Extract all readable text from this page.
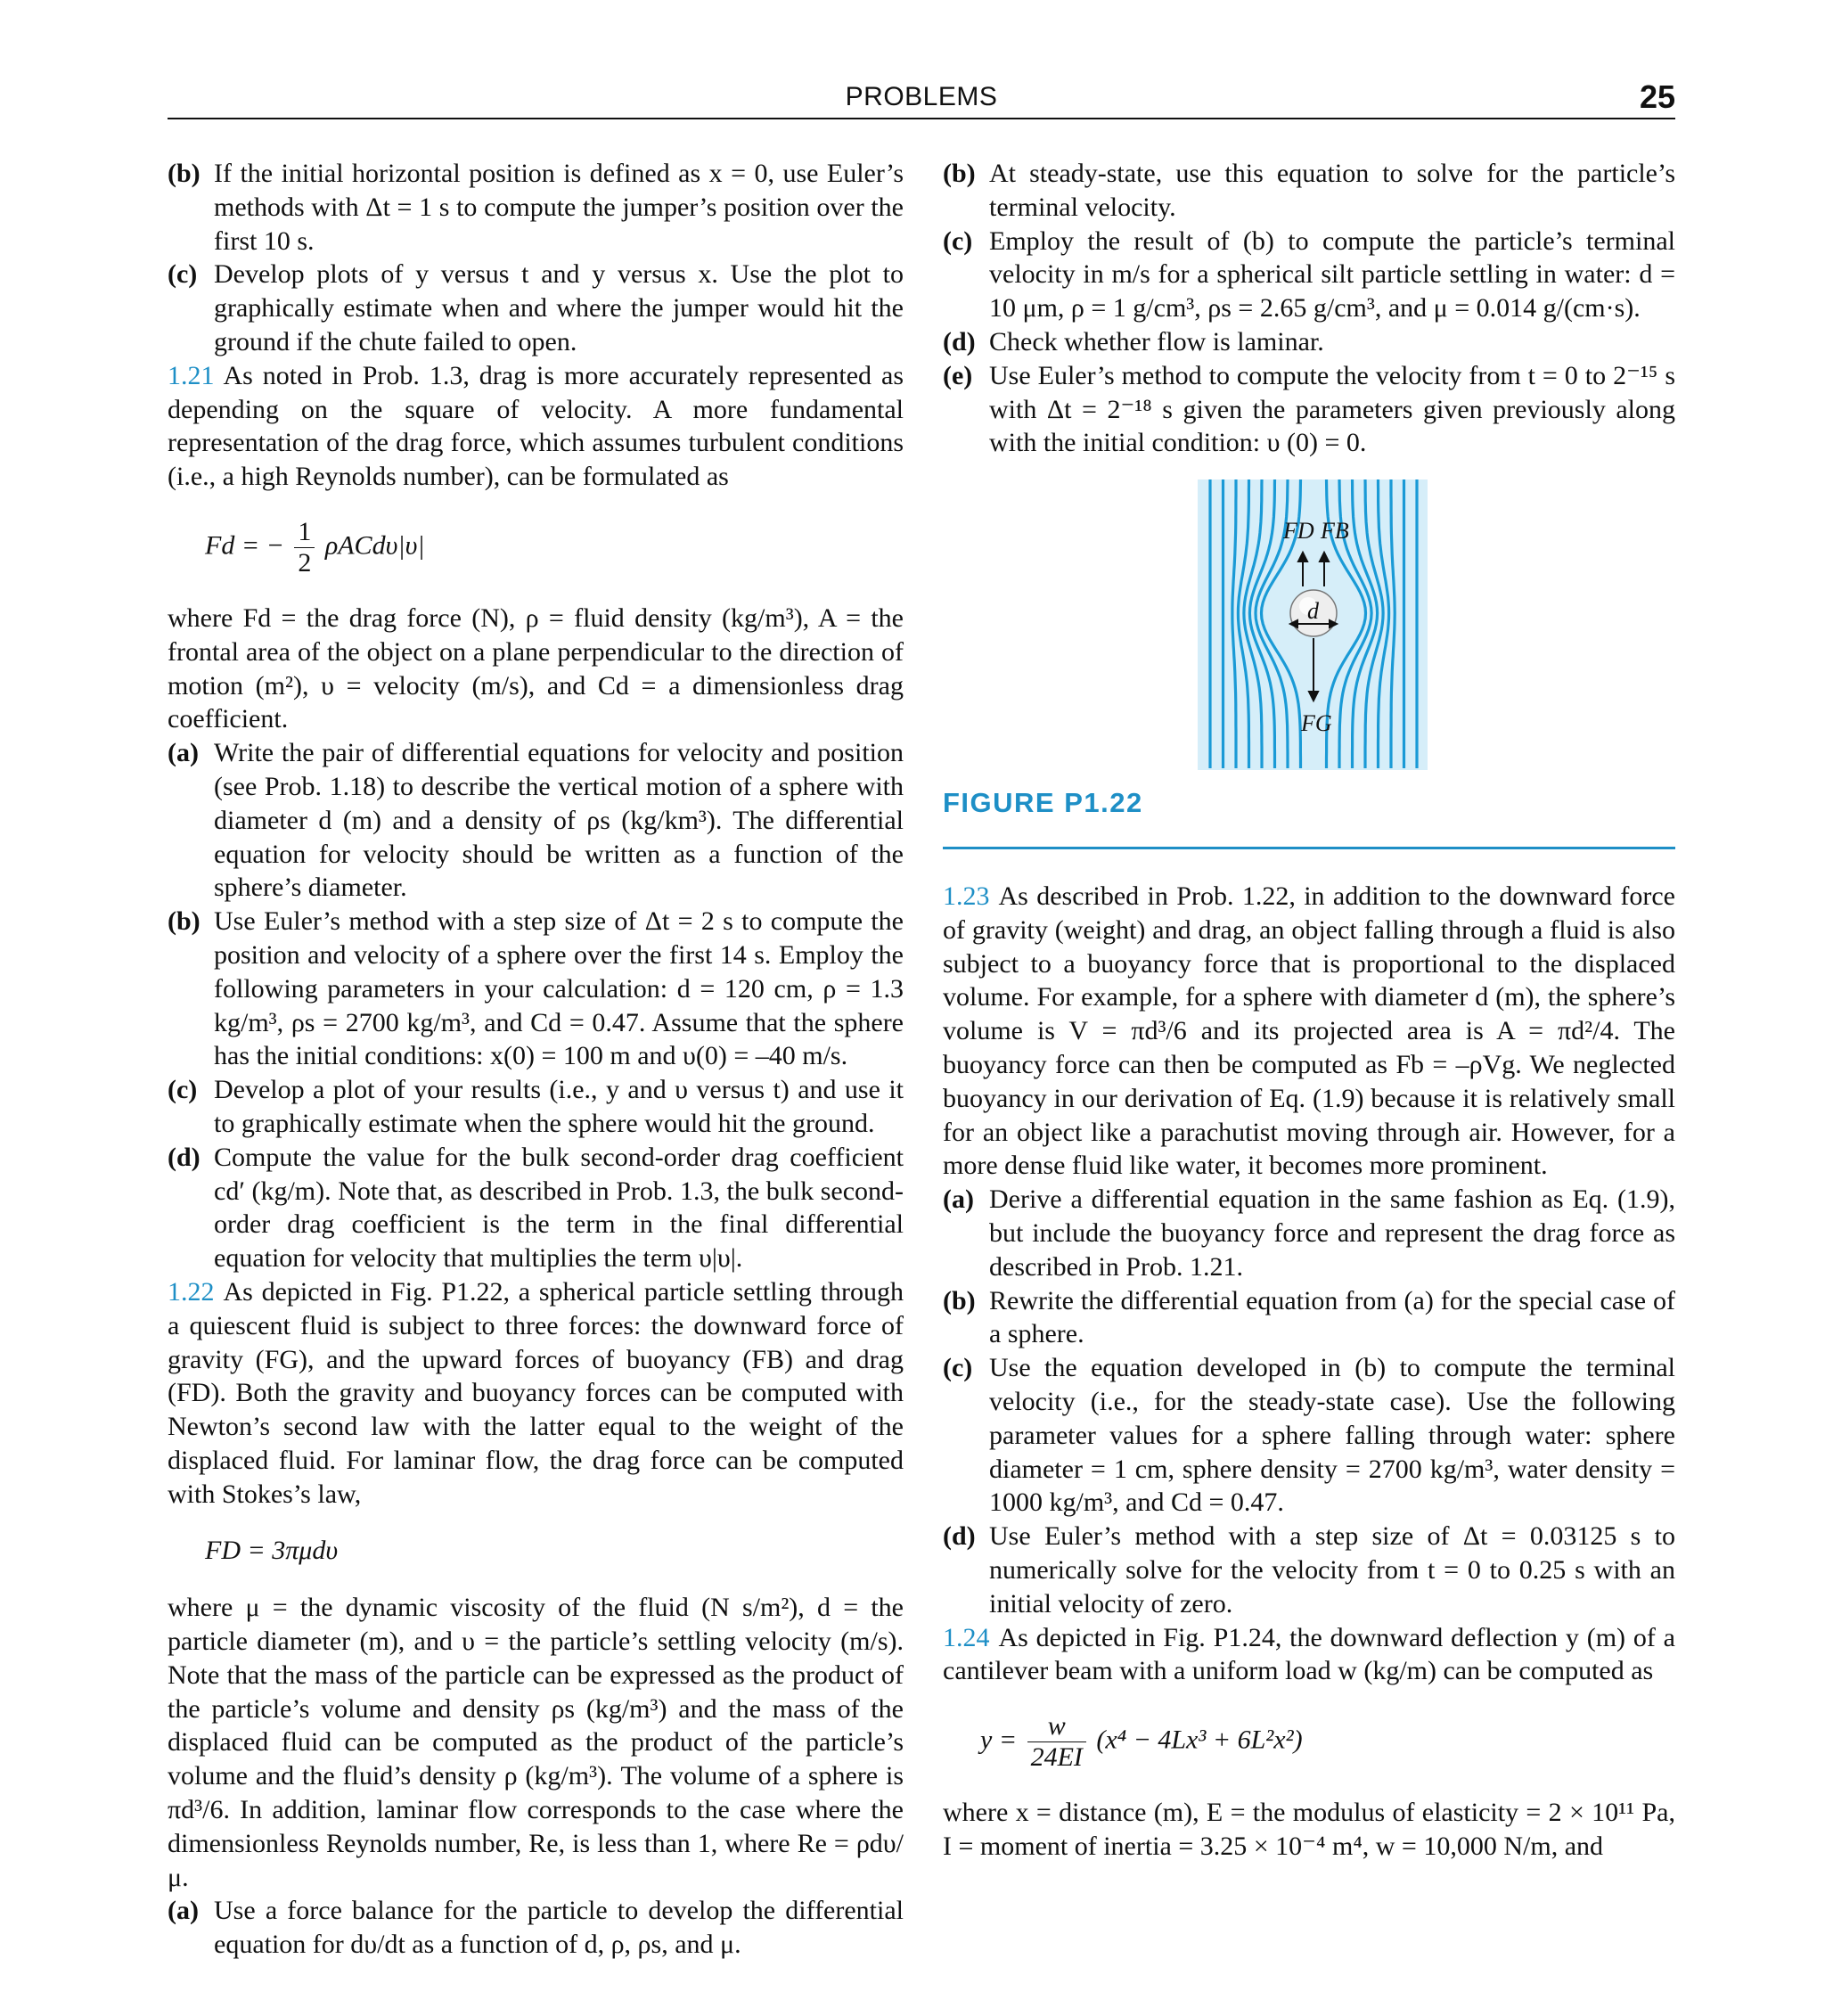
PROBLEMS	25
(b) If the initial horizontal position is defined as x = 0, use Euler’s methods with Δt = 1 s to compute the jumper’s position over the first 10 s.
(c) Develop plots of y versus t and y versus x. Use the plot to graphically estimate when and where the jumper would hit the ground if the chute failed to open.

1.21 As noted in Prob. 1.3, drag is more accurately represented as depending on the square of velocity. A more fundamental representation of the drag force, which assumes turbulent conditions (i.e., a high Reynolds number), can be formulated as

Fd = − $\frac{1}{2} \rho ACd\upsilon|\upsilon|$

where Fd = the drag force (N), ρ = fluid density (kg/m³), A = the frontal area of the object on a plane perpendicular to the direction of motion (m²), υ = velocity (m/s), and Cd = a dimensionless drag coefficient.

(a) Write the pair of differential equations for velocity and position (see Prob. 1.18) to describe the vertical motion of a sphere with diameter d (m) and a density of ρs (kg/km³). The differential equation for velocity should be written as a function of the sphere’s diameter.
(b) Use Euler’s method with a step size of Δt = 2 s to compute the position and velocity of a sphere over the first 14 s. Employ the following parameters in your calculation: d = 120 cm, ρ = 1.3 kg/m³, ρs = 2700 kg/m³, and Cd = 0.47. Assume that the sphere has the initial conditions: x(0) = 100 m and υ(0) = –40 m/s.
(c) Develop a plot of your results (i.e., y and υ versus t) and use it to graphically estimate when the sphere would hit the ground.
(d) Compute the value for the bulk second-order drag coefficient cd′ (kg/m). Note that, as described in Prob. 1.3, the bulk second-order drag coefficient is the term in the final differential equation for velocity that multiplies the term υ|υ|.

1.22 As depicted in Fig. P1.22, a spherical particle settling through a quiescent fluid is subject to three forces: the downward force of gravity (FG), and the upward forces of buoyancy (FB) and drag (FD). Both the gravity and buoyancy forces can be computed with Newton’s second law with the latter equal to the weight of the displaced fluid. For laminar flow, the drag force can be computed with Stokes’s law,

FD = 3πμdυ

where μ = the dynamic viscosity of the fluid (N s/m²), d = the particle diameter (m), and υ = the particle’s settling velocity (m/s). Note that the mass of the particle can be expressed as the product of the particle’s volume and density ρs (kg/m³) and the mass of the displaced fluid can be computed as the product of the particle’s volume and the fluid’s density ρ (kg/m³). The volume of a sphere is πd³/6. In addition, laminar flow corresponds to the case where the dimensionless Reynolds number, Re, is less than 1, where Re = ρdυ/μ.

(a) Use a force balance for the particle to develop the differential equation for dυ/dt as a function of d, ρ, ρs, and μ.
(b) At steady-state, use this equation to solve for the particle’s terminal velocity.
(c) Employ the result of (b) to compute the particle’s terminal velocity in m/s for a spherical silt particle settling in water: d = 10 μm, ρ = 1 g/cm³, ρs = 2.65 g/cm³, and μ = 0.014 g/(cm·s).
(d) Check whether flow is laminar.
(e) Use Euler’s method to compute the velocity from t = 0 to 2⁻¹⁵ s with Δt = 2⁻¹⁸ s given the parameters given previously along with the initial condition: υ (0) = 0.
FD FB
d
FG
FIGURE P1.22

1.23 As described in Prob. 1.22, in addition to the downward force of gravity (weight) and drag, an object falling through a fluid is also subject to a buoyancy force that is proportional to the displaced volume. For example, for a sphere with diameter d (m), the sphere’s volume is V = πd³/6 and its projected area is A = πd²/4. The buoyancy force can then be computed as Fb = –ρVg. We neglected buoyancy in our derivation of Eq. (1.9) because it is relatively small for an object like a parachutist moving through air. However, for a more dense fluid like water, it becomes more prominent.

(a) Derive a differential equation in the same fashion as Eq. (1.9), but include the buoyancy force and represent the drag force as described in Prob. 1.21.
(b) Rewrite the differential equation from (a) for the special case of a sphere.
(c) Use the equation developed in (b) to compute the terminal velocity (i.e., for the steady-state case). Use the following parameter values for a sphere falling through water: sphere diameter = 1 cm, sphere density = 2700 kg/m³, water density = 1000 kg/m³, and Cd = 0.47.
(d) Use Euler’s method with a step size of Δt = 0.03125 s to numerically solve for the velocity from t = 0 to 0.25 s with an initial velocity of zero.

1.24 As depicted in Fig. P1.24, the downward deflection y (m) of a cantilever beam with a uniform load w (kg/m) can be computed as

$y = \frac{w}{24EI} (x^4 - 4Lx^3 + 6L^2x^2)$

where x = distance (m), E = the modulus of elasticity = 2 × 10¹¹ Pa, I = moment of inertia = 3.25 × 10⁻⁴ m⁴, w = 10,000 N/m, and
